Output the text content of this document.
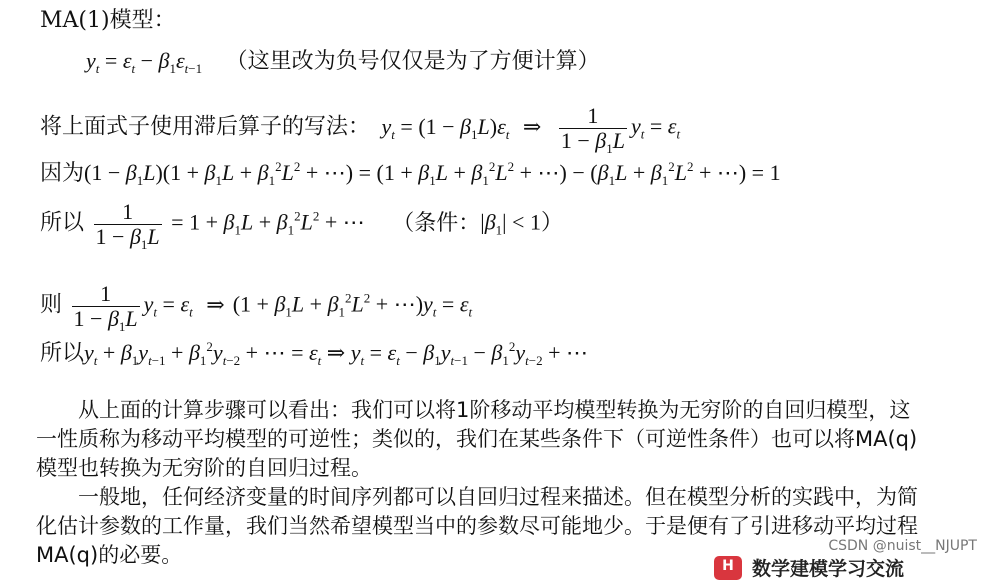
MA(1)模型：
$y_t = \varepsilon_t - \beta_1\varepsilon_{t-1}$ （这里改为负号仅仅是为了方便计算）
将上面式子使用滞后算子的写法： $y_t = (1 - \beta_1L)\varepsilon_t$ ⇒ $\frac{1}{1 - \beta_1L} y_t = \varepsilon_t$
因为$(1 - \beta_1L)(1 + \beta_1L + \beta_1^2L^2$ + ⋯) = ($1 + \beta_1L + \beta_1^2L^2$ + ⋯) − ($\beta_1L + \beta_1^2L^2$ + ⋯) = 1
所以 $\frac{1}{1 - \beta_1L} = 1 + \beta_1L + \beta_1^2L^2$ + ⋯ （条件：$|\beta_1| < 1$）
则 $\frac{1}{1 - \beta_1L} y_t = \varepsilon_t$ ⇒ ($1 + \beta_1L + \beta_1^2L^2$ + $\cdots)y_t = \varepsilon_t$
所以$y_t + \beta_1y_{t-1} + \beta_1^2y_{t-2}$ + ⋯ = $\varepsilon_t$ ⇒ $y_t = \varepsilon_t - \beta_1y_{t-1} - \beta_1^2y_{t-2}$ + ⋯
从上面的计算步骤可以看出：我们可以将1阶移动平均模型转换为无穷阶的自回归模型，这一性质称为移动平均模型的可逆性；类似的，我们在某些条件下（可逆性条件）也可以将MA(q)模型也转换为无穷阶的自回归过程。
一般地，任何经济变量的时间序列都可以自回归过程来描述。但在模型分析的实践中，为简化估计参数的工作量，我们当然希望模型当中的参数尽可能地少。于是便有了引进移动平均过程MA(q)的必要。	CSDN @nuist__NJUPT
H 数学建模学习交流
